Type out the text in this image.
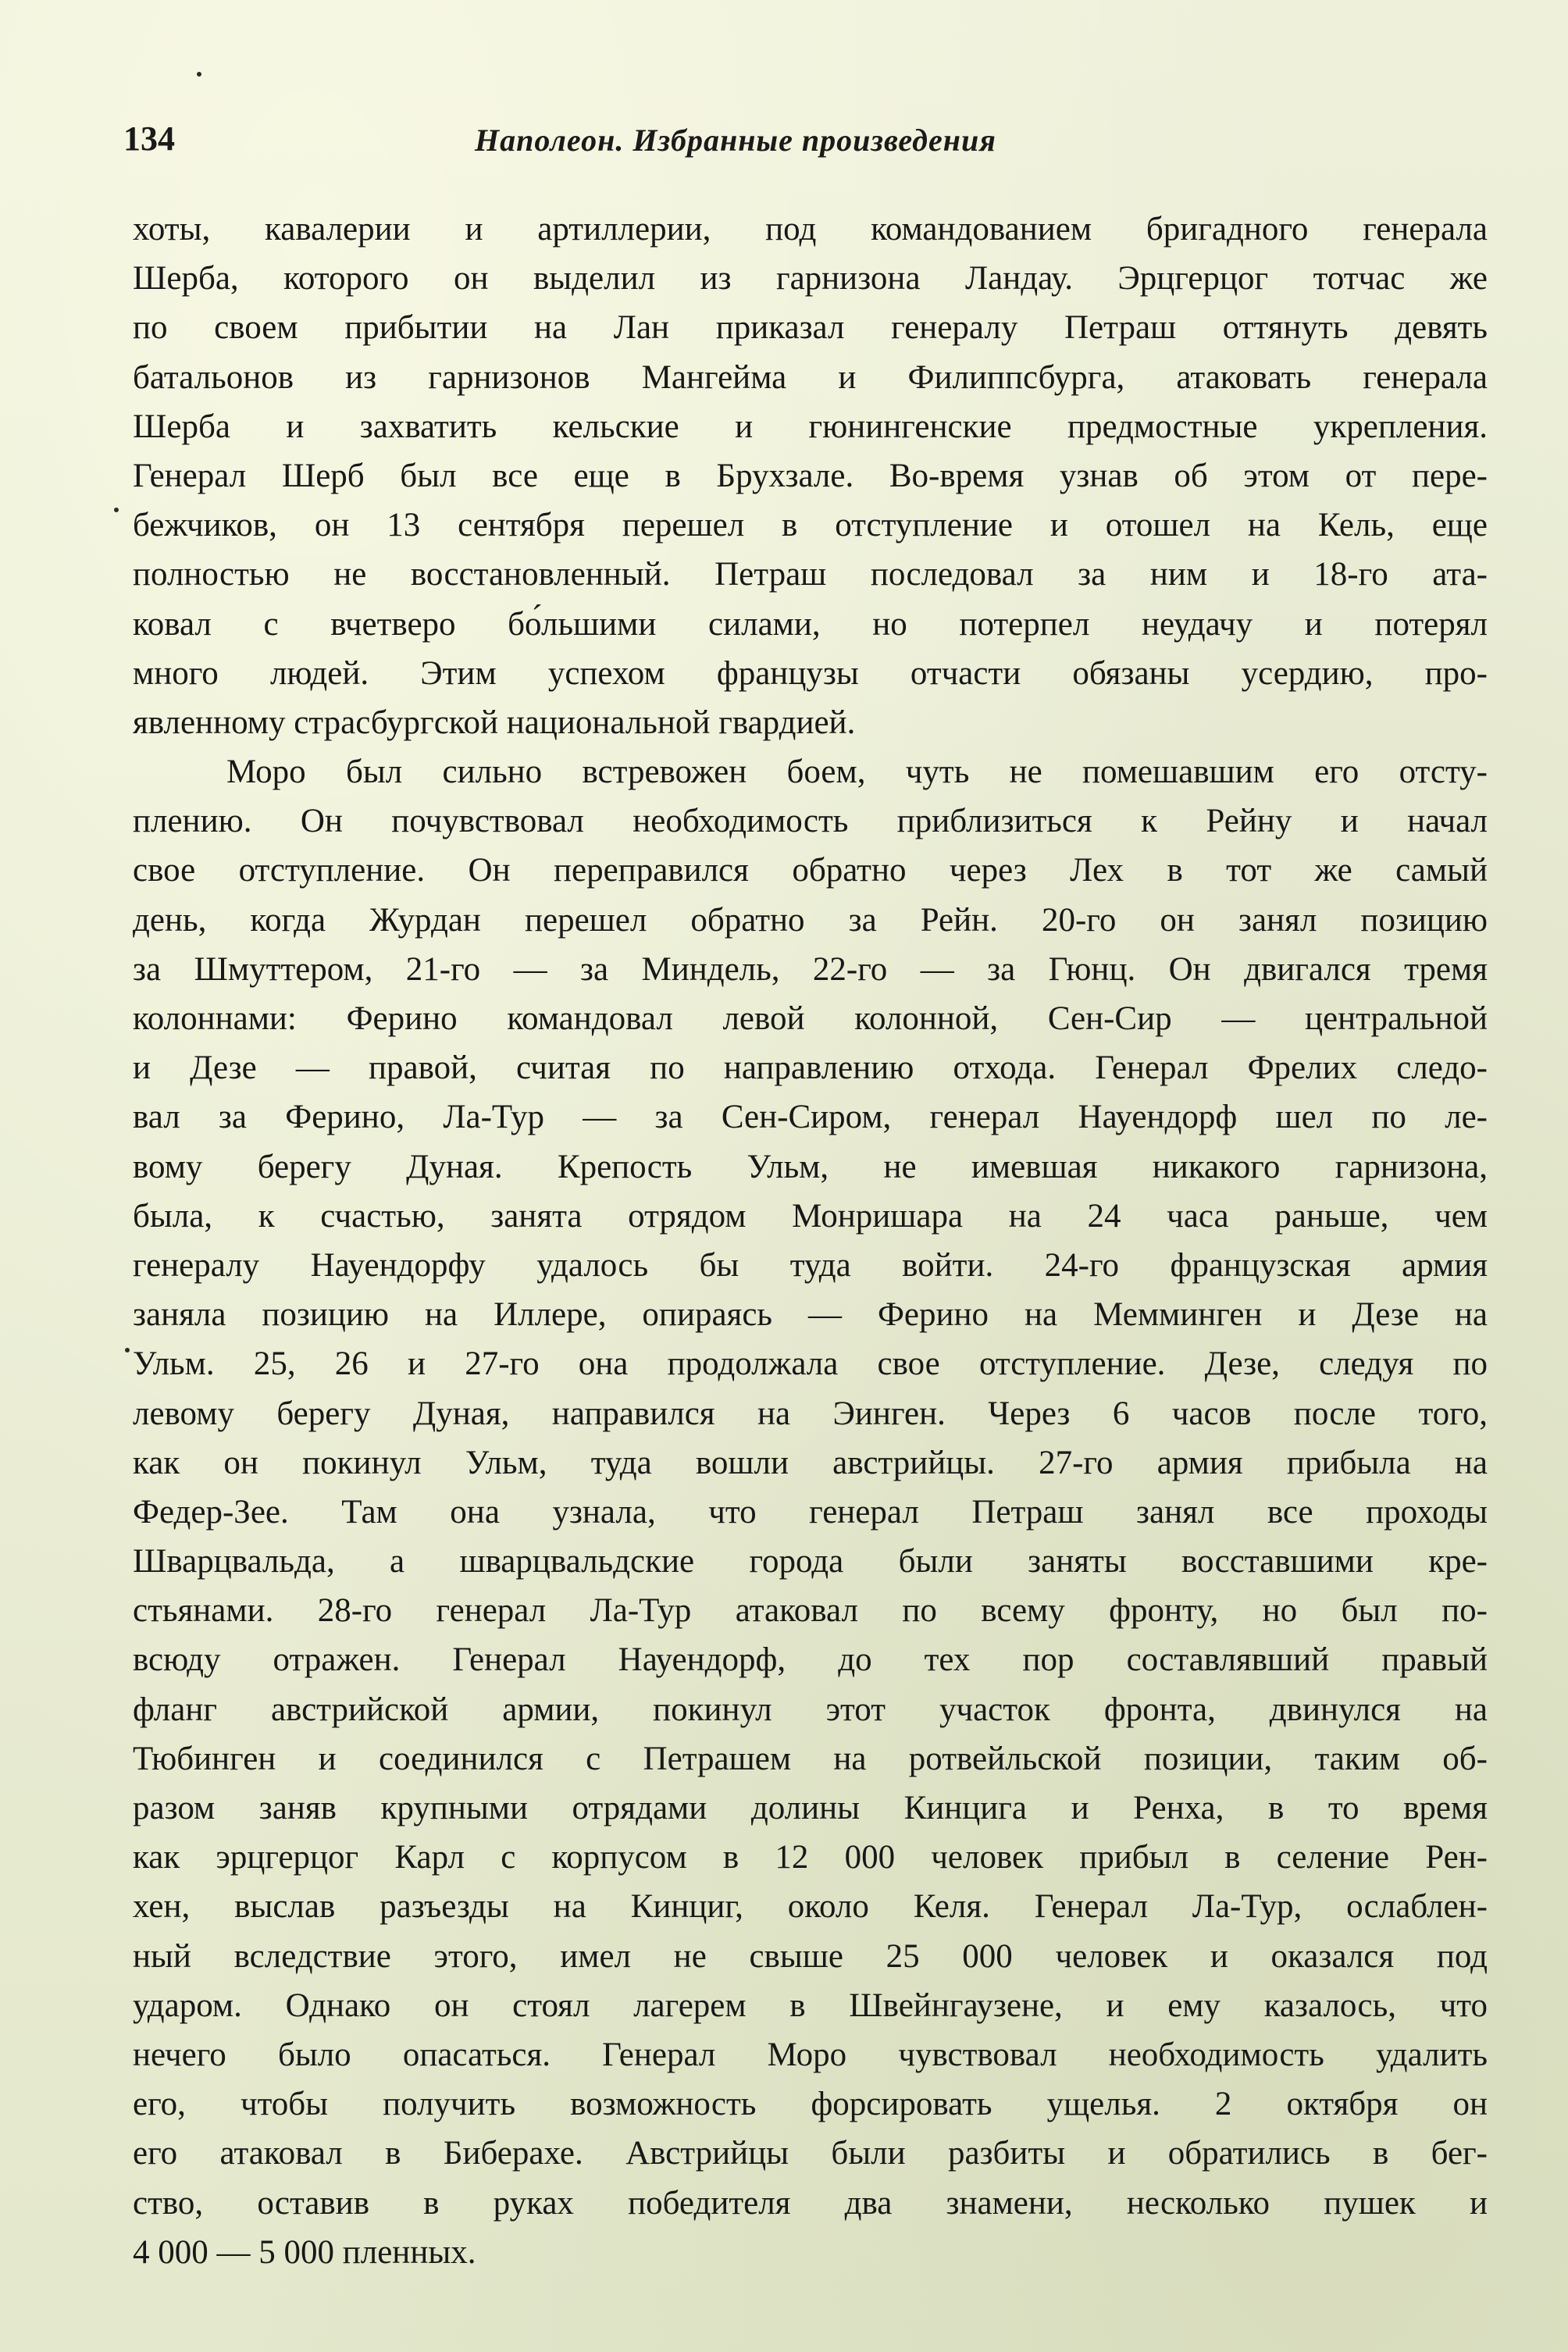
134	Наполеон. Избранные произведения
хоты, кавалерии и артиллерии, под командованием бригадного генерала
Шерба, которого он выделил из гарнизона Ландау. Эрцгерцог тотчас же
по своем прибытии на Лан приказал генералу Петраш оттянуть девять
батальонов из гарнизонов Мангейма и Филиппсбурга, атаковать генерала
Шерба и захватить кельские и гюнингенские предмостные укрепления.
Генерал Шерб был все еще в Брухзале. Во-время узнав об этом от пере-
бежчиков, он 13 сентября перешел в отступление и отошел на Кель, еще
полностью не восстановленный. Петраш последовал за ним и 18-го ата-
ковал с вчетверо бо́льшими силами, но потерпел неудачу и потерял
много людей. Этим успехом французы отчасти обязаны усердию, про-
явленному страсбургской национальной гвардией.
Моро был сильно встревожен боем, чуть не помешавшим его отсту-
плению. Он почувствовал необходимость приблизиться к Рейну и начал
свое отступление. Он переправился обратно через Лех в тот же самый
день, когда Журдан перешел обратно за Рейн. 20-го он занял позицию
за Шмуттером, 21-го — за Миндель, 22-го — за Гюнц. Он двигался тремя
колоннами: Ферино командовал левой колонной, Сен-Сир — центральной
и Дезе — правой, считая по направлению отхода. Генерал Фрелих следо-
вал за Ферино, Ла-Тур — за Сен-Сиром, генерал Науендорф шел по ле-
вому берегу Дуная. Крепость Ульм, не имевшая никакого гарнизона,
была, к счастью, занята отрядом Монришара на 24 часа раньше, чем
генералу Науендорфу удалось бы туда войти. 24-го французская армия
заняла позицию на Иллере, опираясь — Ферино на Мемминген и Дезе на
Ульм. 25, 26 и 27-го она продолжала свое отступление. Дезе, следуя по
левому берегу Дуная, направился на Эинген. Через 6 часов после того,
как он покинул Ульм, туда вошли австрийцы. 27-го армия прибыла на
Федер-Зее. Там она узнала, что генерал Петраш занял все проходы
Шварцвальда, а шварцвальдские города были заняты восставшими кре-
стьянами. 28-го генерал Ла-Тур атаковал по всему фронту, но был по-
всюду отражен. Генерал Науендорф, до тех пор составлявший правый
фланг австрийской армии, покинул этот участок фронта, двинулся на
Тюбинген и соединился с Петрашем на ротвейльской позиции, таким об-
разом заняв крупными отрядами долины Кинцига и Ренха, в то время
как эрцгерцог Карл с корпусом в 12 000 человек прибыл в селение Рен-
хен, выслав разъезды на Кинциг, около Келя. Генерал Ла-Тур, ослаблен-
ный вследствие этого, имел не свыше 25 000 человек и оказался под
ударом. Однако он стоял лагерем в Швейнгаузене, и ему казалось, что
нечего было опасаться. Генерал Моро чувствовал необходимость удалить
его, чтобы получить возможность форсировать ущелья. 2 октября он
его атаковал в Биберахе. Австрийцы были разбиты и обратились в бег-
ство, оставив в руках победителя два знамени, несколько пушек и
4 000 — 5 000 пленных.
